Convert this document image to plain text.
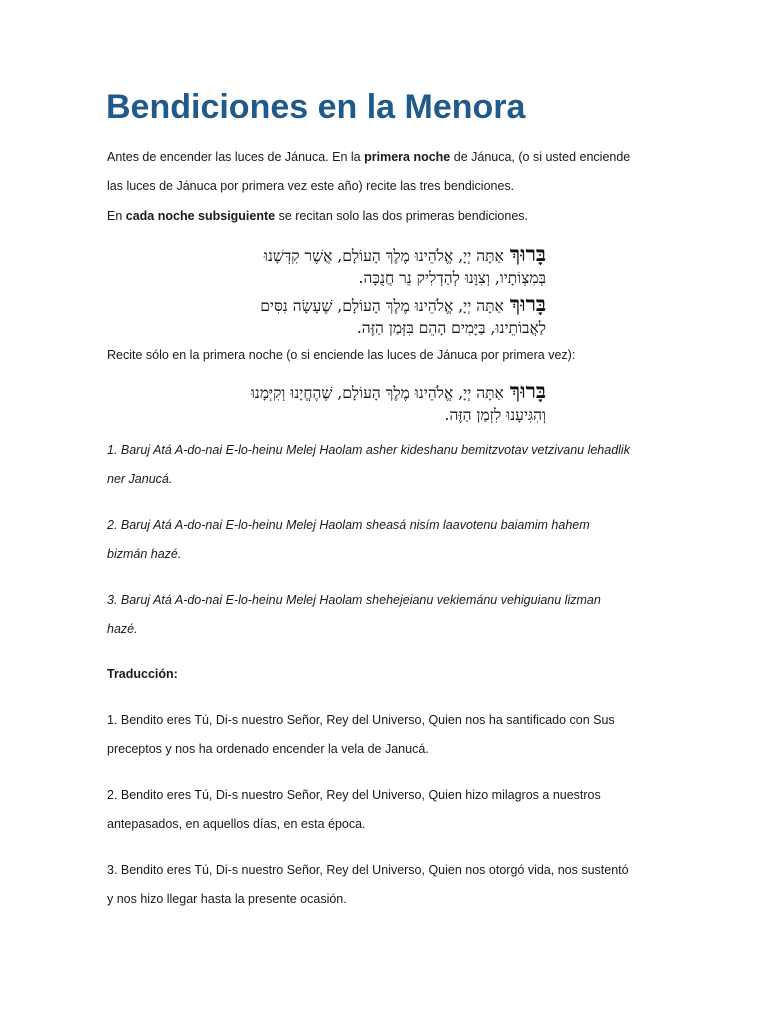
Bendiciones en la Menora

Antes de encender las luces de Jánuca. En la primera noche de Jánuca, (o si usted enciende
las luces de Jánuca por primera vez este año) recite las tres bendiciones.

En cada noche subsiguiente se recitan solo las dos primeras bendiciones.

בָּרוּךְאַתָּה יְיָ, אֱלֹהֵינוּ מֶלֶךְ הָעוֹלָם, אֲשֶׁר קִדְּשָׁנוּ
בְּמִצְוֹתָיו, וְצִוָּנוּ לְהַדְלִיק נֵר חֲנֻכָּה.
בָּרוּךְאַתָּה יְיָ, אֱלֹהֵינוּ מֶלֶךְ הָעוֹלָם, שֶׁעָשָׂה נִסִּים
לַאֲבוֹתֵינוּ, בַּיָּמִים הָהֵם בִּזְּמַן הַזֶּה.

Recite sólo en la primera noche (o si enciende las luces de Jánuca por primera vez):

בָּרוּךְאַתָּה יְיָ, אֱלֹהֵינוּ מֶלֶךְ הָעוֹלָם, שֶׁהֶחֱיָנוּ וְקִיְּמָנוּ
וְהִגִּיעָנוּ לִזְמַן הַזֶּה.

1. Baruj Atá A-do-nai E-lo-heinu Melej Haolam asher kideshanu bemitzvotav vetzivanu lehadlik
ner Janucá.

2. Baruj Atá A-do-nai E-lo-heinu Melej Haolam sheasá nisím laavotenu baiamim hahem
bizmán hazé.

3. Baruj Atá A-do-nai E-lo-heinu Melej Haolam shehejeianu vekiemánu vehiguianu lizman
hazé.

Traducción:

1. Bendito eres Tú, Di-s nuestro Señor, Rey del Universo, Quien nos ha santificado con Sus
preceptos y nos ha ordenado encender la vela de Janucá.

2. Bendito eres Tú, Di-s nuestro Señor, Rey del Universo, Quien hizo milagros a nuestros
antepasados, en aquellos días, en esta época.

3. Bendito eres Tú, Di-s nuestro Señor, Rey del Universo, Quien nos otorgó vida, nos sustentó
y nos hizo llegar hasta la presente ocasión.
